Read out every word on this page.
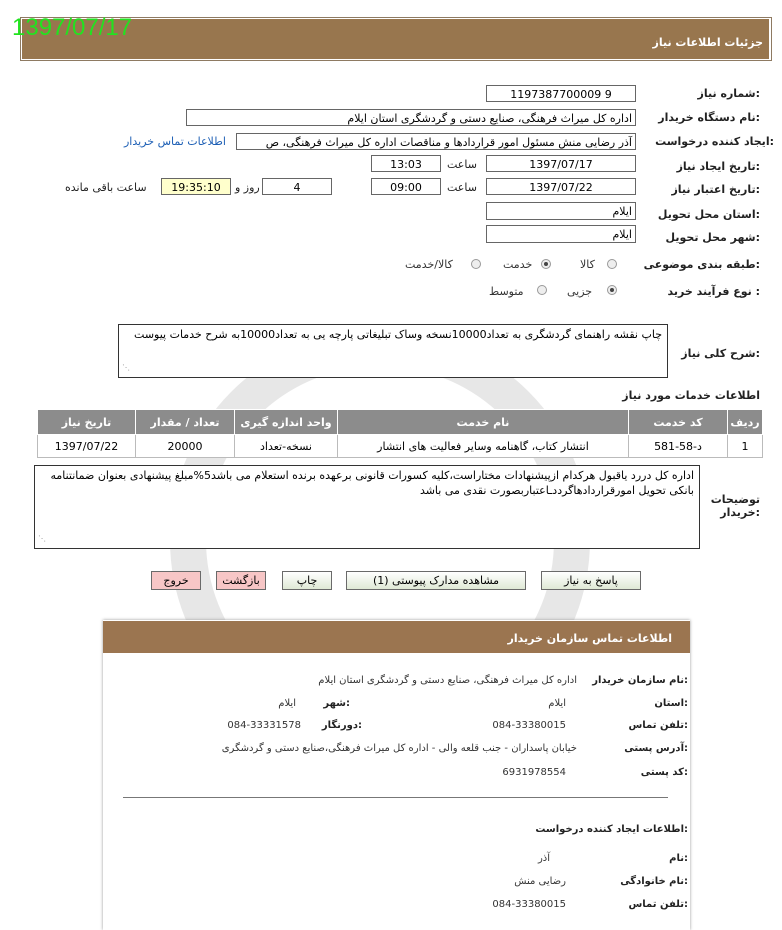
جزئیات اطلاعات نیاز
1397/07/17
شماره نیاز:
1197387700009 9
نام دستگاه خریدار:
اداره کل میراث فرهنگی، صنایع دستی و گردشگری استان ایلام
ایجاد کننده درخواست:
آذر رضایی منش مسئول امور قراردادها و مناقصات اداره کل میراث فرهنگی، ص
اطلاعات تماس خریدار
تاریخ ایجاد نیاز:
1397/07/17
ساعت
13:03
تاریخ اعتبار نیاز:
1397/07/22
ساعت
09:00
4
روز و
19:35:10
ساعت باقی مانده
استان محل تحویل:
ایلام
شهر محل تحویل:
ایلام
طبقه بندی موضوعی:
کالا
خدمت
کالا/خدمت
نوع فرآیند خرید :
جزیی
متوسط
شرح کلی نیاز:
چاپ نقشه راهنمای گردشگری به تعداد10000نسخه وساک تبلیغاتی پارچه یی به تعداد10000به شرح خدمات پیوست
⋰
اطلاعات خدمات مورد نیاز
ردیف	کد خدمت	نام خدمت	واحد اندازه گیری	تعداد / مقدار	تاریخ نیاز
1	د-58-581	انتشار کتاب، گاهنامه وسایر فعالیت های انتشار	نسخه-تعداد	20000	1397/07/22
توضیحات خریدار:
اداره کل دررد یاقبول هرکدام ازپیشنهادات مختاراست،کلیه کسورات قانونی برعهده برنده استعلام می باشد5%مبلغ پیشنهادی بعنوان ضمانتنامه بانکی تحویل امورقراردادهاگرددـاعتباربصورت نقدی می باشد
⋰
پاسخ به نیاز
مشاهده مدارک پیوستی (1)
چاپ
بازگشت
خروج
اطلاعات تماس سازمان خریدار
نام سازمان خریدار:
اداره کل میراث فرهنگی، صنایع دستی و گردشگری استان ایلام
استان:
ایلام
شهر:
ایلام
تلفن تماس:
084-33380015
دورنگار:
084-33331578
آدرس پستی:
خیابان پاسداران - جنب قلعه والی - اداره کل میراث فرهنگی،صنایع دستی و گردشگری
کد پستی:
6931978554
اطلاعات ایجاد کننده درخواست:
نام:
آذر
نام خانوادگی:
رضایی منش
تلفن تماس:
084-33380015
